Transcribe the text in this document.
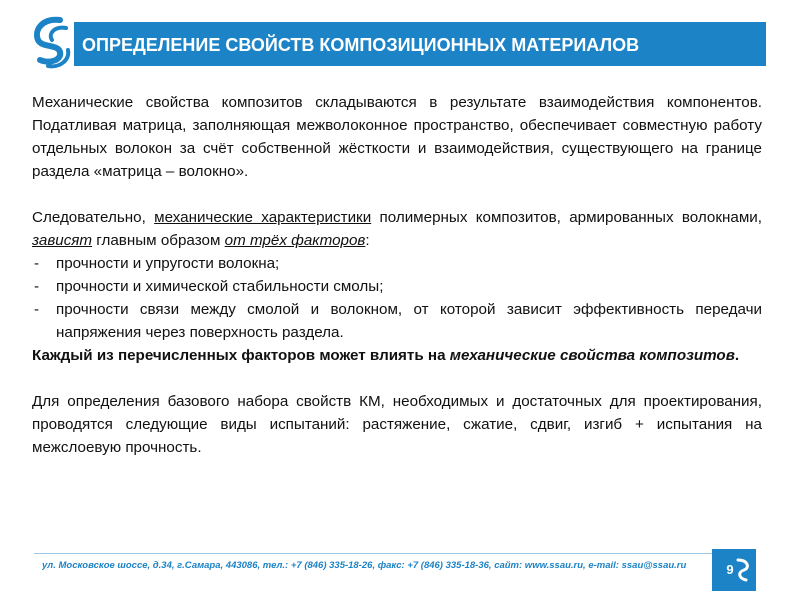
ОПРЕДЕЛЕНИЕ СВОЙСТВ КОМПОЗИЦИОННЫХ МАТЕРИАЛОВ

Механические свойства композитов складываются в результате взаимодействия компонентов. Податливая матрица, заполняющая межволоконное пространство, обеспечивает совместную работу отдельных волокон за счёт собственной жёсткости и взаимодействия, существующего на границе раздела «матрица – волокно».

Следовательно, механические характеристики полимерных композитов, армированных волокнами, зависят главным образом от трёх факторов:

- прочности и упругости волокна;
- прочности и химической стабильности смолы;
- прочности связи между смолой и волокном, от которой зависит эффективность передачи напряжения через поверхность раздела.

Каждый из перечисленных факторов может влиять на механические свойства композитов.

Для определения базового набора свойств КМ, необходимых и достаточных для проектирования, проводятся следующие виды испытаний: растяжение, сжатие, сдвиг, изгиб + испытания на межслоевую прочность.

ул. Московское шоссе, д.34, г.Самара, 443086, тел.: +7 (846) 335-18-26, факс: +7 (846) 335-18-36, сайт: www.ssau.ru, e-mail: ssau@ssau.ru	9
